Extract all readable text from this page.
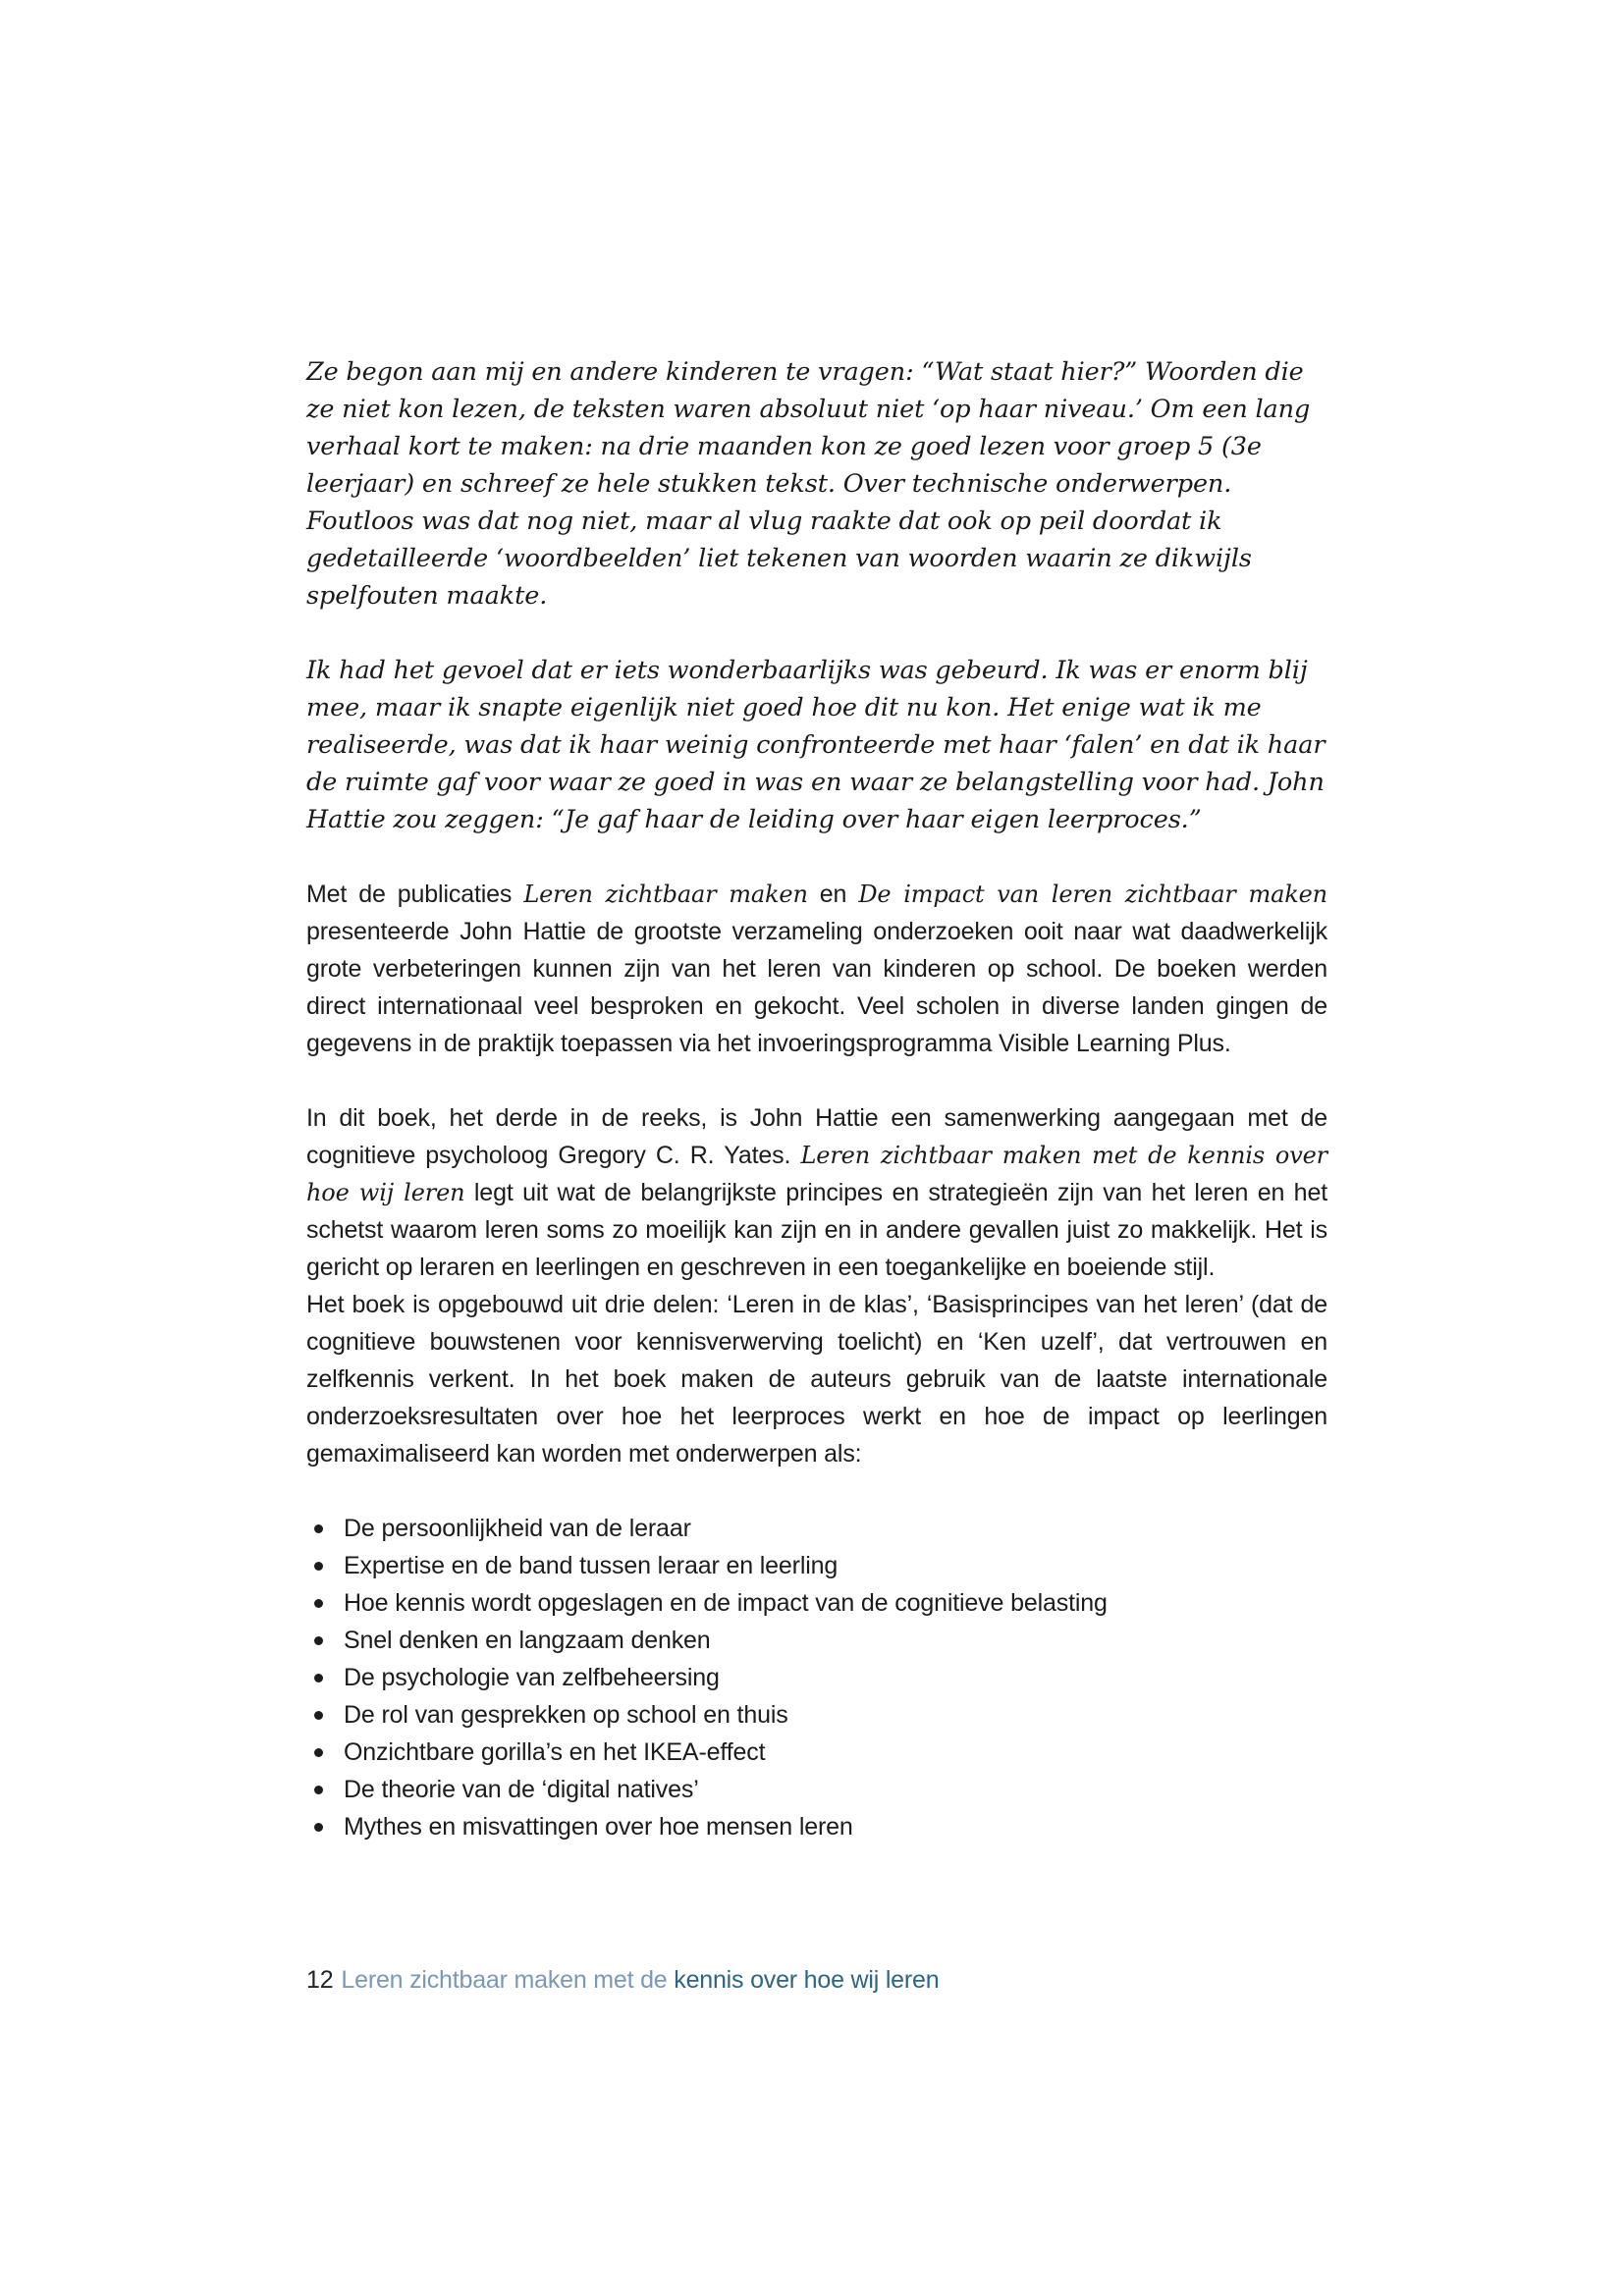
Ze begon aan mij en andere kinderen te vragen: “Wat staat hier?” Woorden die ze niet kon lezen, de teksten waren absoluut niet ‘op haar niveau.’ Om een lang verhaal kort te maken: na drie maanden kon ze goed lezen voor groep 5 (3e leerjaar) en schreef ze hele stukken tekst. Over technische onderwerpen.

Foutloos was dat nog niet, maar al vlug raakte dat ook op peil doordat ik gedetailleerde ‘woordbeelden’ liet tekenen van woorden waarin ze dikwijls spelfouten maakte.

Ik had het gevoel dat er iets wonderbaarlijks was gebeurd. Ik was er enorm blij mee, maar ik snapte eigenlijk niet goed hoe dit nu kon. Het enige wat ik me realiseerde, was dat ik haar weinig confronteerde met haar ‘falen’ en dat ik haar de ruimte gaf voor waar ze goed in was en waar ze belangstelling voor had. John Hattie zou zeggen: “Je gaf haar de leiding over haar eigen leerproces.”

Met de publicaties Leren zichtbaar maken en De impact van leren zichtbaar maken presenteerde John Hattie de grootste verzameling onderzoeken ooit naar wat daadwerkelijk grote verbeteringen kunnen zijn van het leren van kinderen op school. De boeken werden direct internationaal veel besproken en gekocht. Veel scholen in diverse landen gingen de gegevens in de praktijk toepassen via het invoeringsprogramma Visible Learning Plus.

In dit boek, het derde in de reeks, is John Hattie een samenwerking aangegaan met de cognitieve psycholoog Gregory C. R. Yates. Leren zichtbaar maken met de kennis over hoe wij leren legt uit wat de belangrijkste principes en strategieën zijn van het leren en het schetst waarom leren soms zo moeilijk kan zijn en in andere gevallen juist zo makkelijk. Het is gericht op leraren en leerlingen en geschreven in een toegankelijke en boeiende stijl.

Het boek is opgebouwd uit drie delen: ‘Leren in de klas’, ‘Basisprincipes van het leren’ (dat de cognitieve bouwstenen voor kennisverwerving toelicht) en ‘Ken uzelf’, dat vertrouwen en zelfkennis verkent. In het boek maken de auteurs gebruik van de laatste internationale onderzoeksresultaten over hoe het leerproces werkt en hoe de impact op leerlingen gemaximaliseerd kan worden met onderwerpen als:

De persoonlijkheid van de leraar
Expertise en de band tussen leraar en leerling
Hoe kennis wordt opgeslagen en de impact van de cognitieve belasting
Snel denken en langzaam denken
De psychologie van zelfbeheersing
De rol van gesprekken op school en thuis
Onzichtbare gorilla’s en het IKEA-effect
De theorie van de ‘digital natives’
Mythes en misvattingen over hoe mensen leren
12 Leren zichtbaar maken met de kennis over hoe wij leren
